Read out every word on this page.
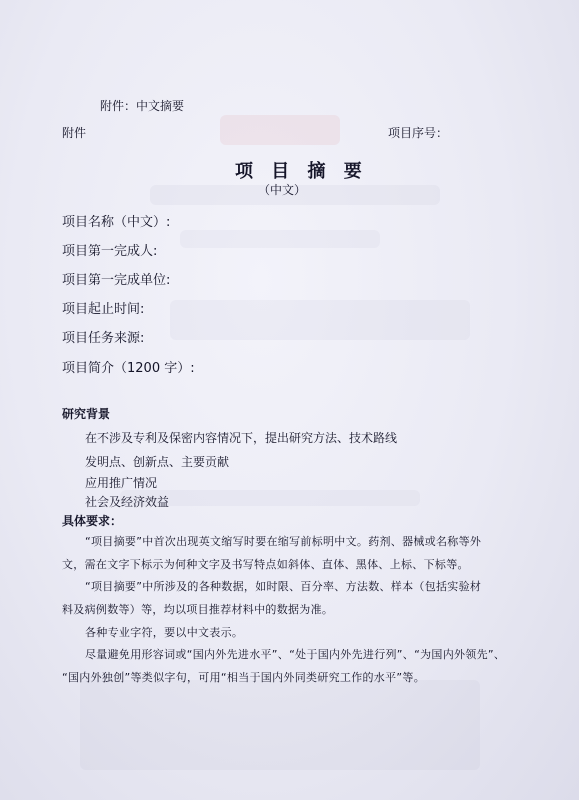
附件：中文摘要
附件	项目序号：
项 目 摘 要
（中文）
项目名称（中文）:
项目第一完成人:
项目第一完成单位:
项目起止时间:
项目任务来源:
项目简介（1200 字）:
研究背景
在不涉及专利及保密内容情况下，提出研究方法、技术路线
发明点、创新点、主要贡献
应用推广情况
社会及经济效益
具体要求：
“项目摘要”中首次出现英文缩写时要在缩写前标明中文。药剂、器械或名称等外
文，需在文字下标示为何种文字及书写特点如斜体、直体、黑体、上标、下标等。
“项目摘要”中所涉及的各种数据，如时限、百分率、方法数、样本（包括实验材
料及病例数等）等，均以项目推荐材料中的数据为准。
各种专业字符，要以中文表示。
尽量避免用形容词或“国内外先进水平”、“处于国内外先进行列”、“为国内外领先”、
“国内外独创”等类似字句，可用“相当于国内外同类研究工作的水平”等。
